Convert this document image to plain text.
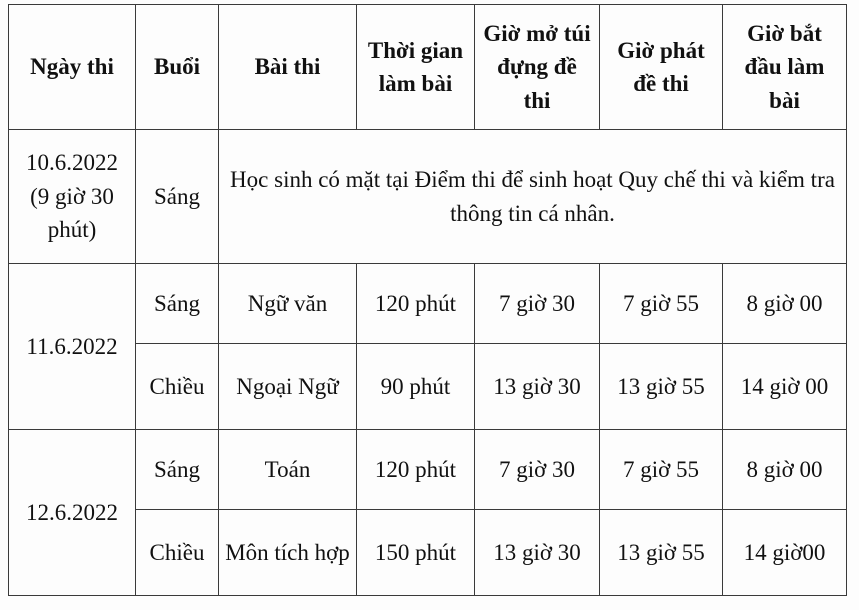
Ngày thi	Buổi	Bài thi	Thời gian làm bài	Giờ mở túi đựng đề thi	Giờ phát đề thi	Giờ bắt đầu làm bài

10.6.2022
(9 giờ 30 phút)	Sáng	Học sinh có mặt tại Điểm thi để sinh hoạt Quy chế thi và kiểm tra thông tin cá nhân.				
11.6.2022	Sáng	Ngữ văn	120 phút	7 giờ 30	7 giờ 55	8 giờ 00
	Chiều	Ngoại Ngữ	90 phút	13 giờ 30	13 giờ 55	14 giờ 00
12.6.2022	Sáng	Toán	120 phút	7 giờ 30	7 giờ 55	8 giờ 00
	Chiều	Môn tích hợp	150 phút	13 giờ 30	13 giờ 55	14 giờ00
